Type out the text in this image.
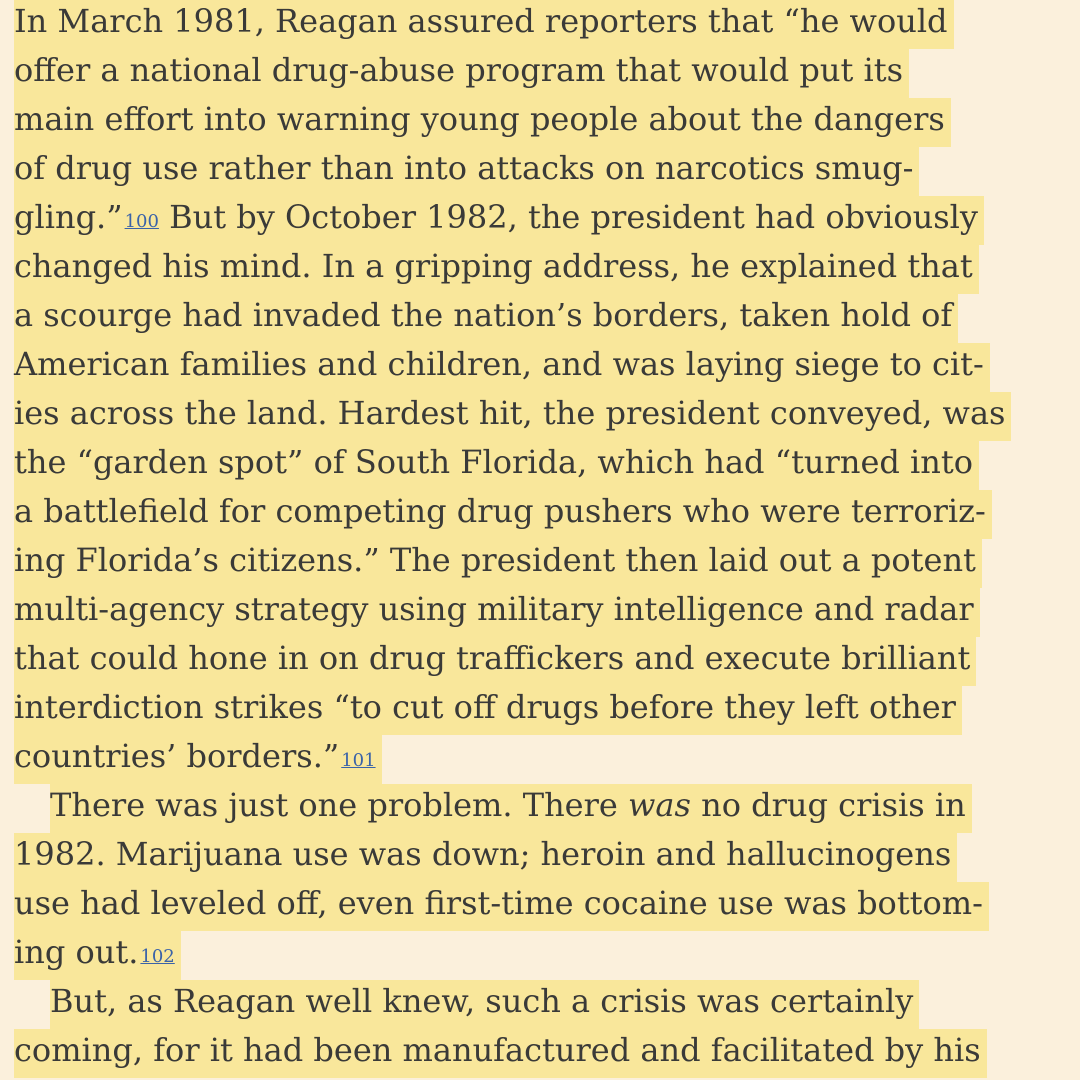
In March 1981, Reagan assured reporters that “he would
offer a national drug-abuse program that would put its
main effort into warning young people about the dangers
of drug use rather than into attacks on narcotics smug-
gling.” 100 But by October 1982, the president had obviously
changed his mind. In a gripping address, he explained that
a scourge had invaded the nation’s borders, taken hold of
American families and children, and was laying siege to cit-
ies across the land. Hardest hit, the president conveyed, was
the “garden spot” of South Florida, which had “turned into
a battlefield for competing drug pushers who were terroriz-
ing Florida’s citizens.” The president then laid out a potent
multi-agency strategy using military intelligence and radar
that could hone in on drug traffickers and execute brilliant
interdiction strikes “to cut off drugs before they left other
countries’ borders.” 101
There was just one problem. There was no drug crisis in
1982. Marijuana use was down; heroin and hallucinogens
use had leveled off, even first-time cocaine use was bottom-
ing out. 102
But, as Reagan well knew, such a crisis was certainly
coming, for it had been manufactured and facilitated by his
